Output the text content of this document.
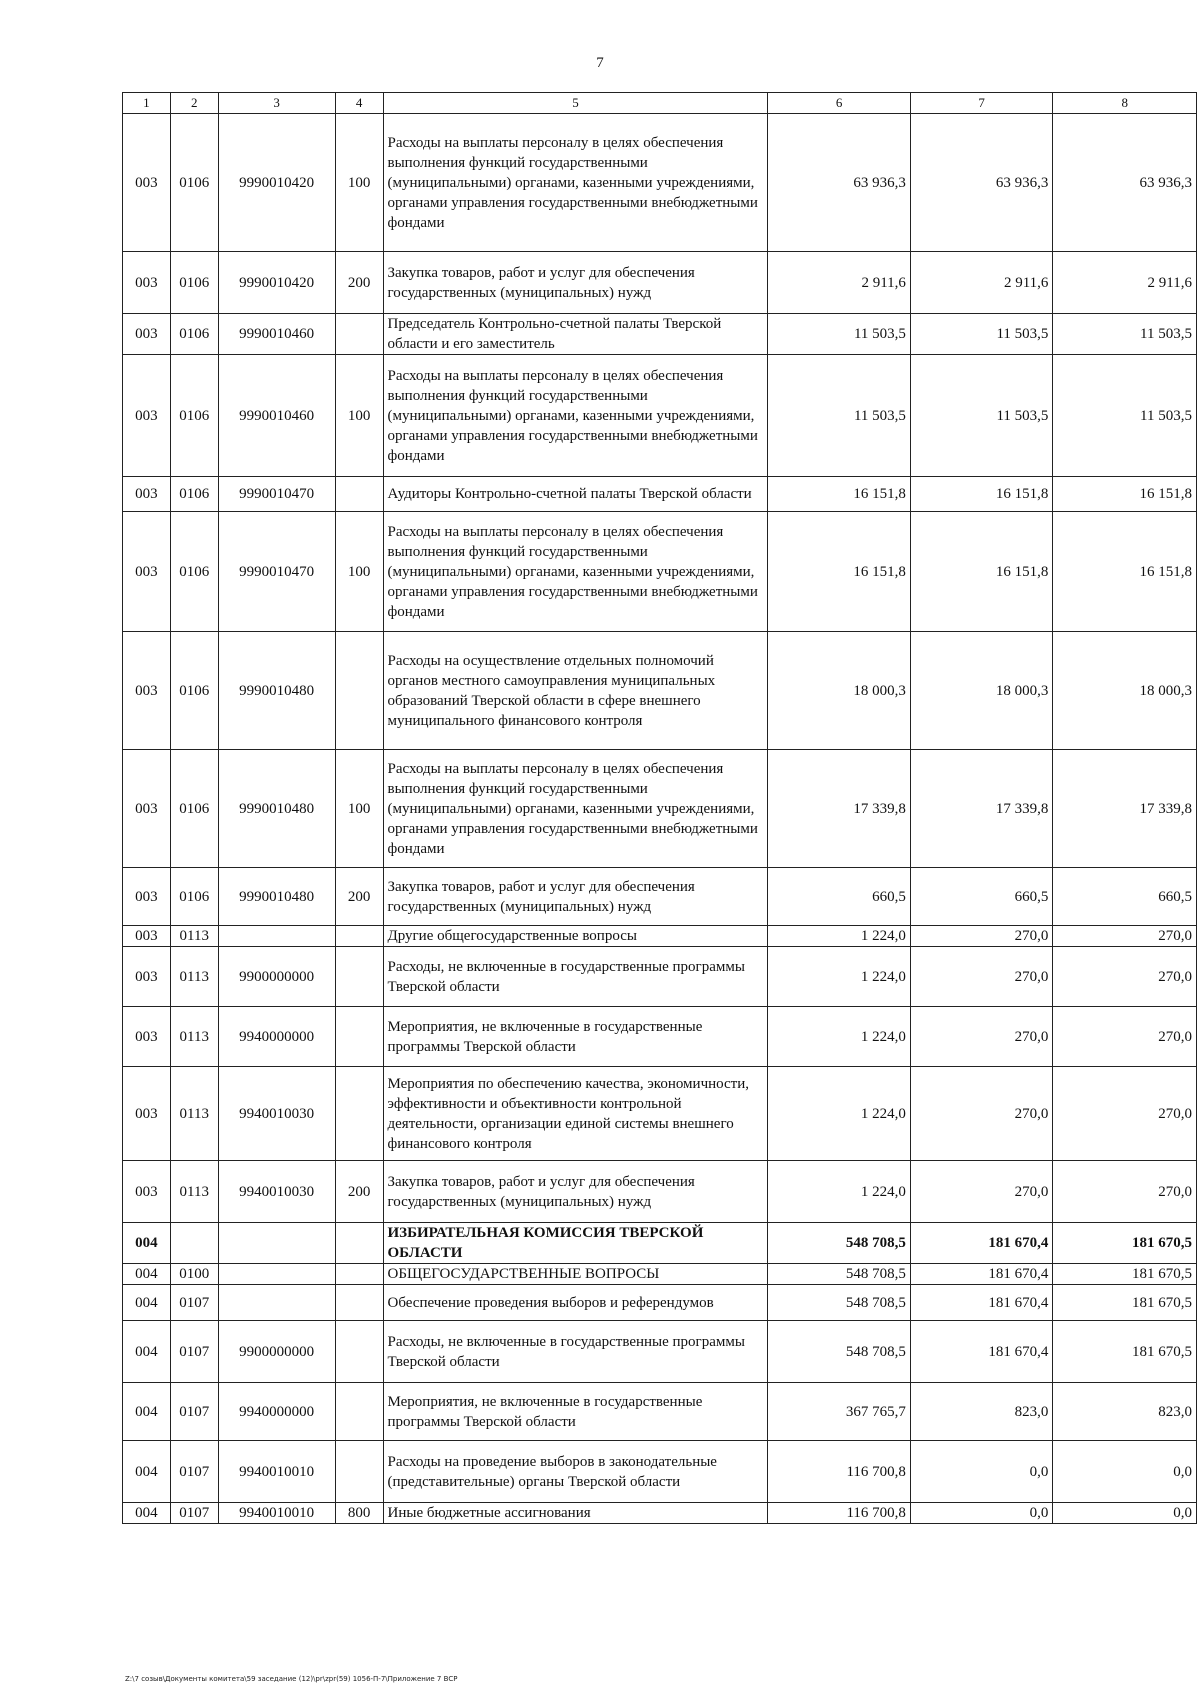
7
1	2	3	4	5	6	7	8
003	0106	9990010420	100	Расходы на выплаты персоналу в целях обеспечения выполнения функций государственными (муниципальными) органами, казенными учреждениями, органами управления государственными внебюджетными фондами	63 936,3	63 936,3	63 936,3
003	0106	9990010420	200	Закупка товаров, работ и услуг для обеспечения государственных (муниципальных) нужд	2 911,6	2 911,6	2 911,6
003	0106	9990010460		Председатель Контрольно-счетной палаты Тверской области и его заместитель	11 503,5	11 503,5	11 503,5
003	0106	9990010460	100	Расходы на выплаты персоналу в целях обеспечения выполнения функций государственными (муниципальными) органами, казенными учреждениями, органами управления государственными внебюджетными фондами	11 503,5	11 503,5	11 503,5
003	0106	9990010470		Аудиторы Контрольно-счетной палаты Тверской области	16 151,8	16 151,8	16 151,8
003	0106	9990010470	100	Расходы на выплаты персоналу в целях обеспечения выполнения функций государственными (муниципальными) органами, казенными учреждениями, органами управления государственными внебюджетными фондами	16 151,8	16 151,8	16 151,8
003	0106	9990010480		Расходы на осуществление отдельных полномочий органов местного самоуправления муниципальных образований Тверской области в сфере внешнего муниципального финансового контроля	18 000,3	18 000,3	18 000,3
003	0106	9990010480	100	Расходы на выплаты персоналу в целях обеспечения выполнения функций государственными (муниципальными) органами, казенными учреждениями, органами управления государственными внебюджетными фондами	17 339,8	17 339,8	17 339,8
003	0106	9990010480	200	Закупка товаров, работ и услуг для обеспечения государственных (муниципальных) нужд	660,5	660,5	660,5
003	0113			Другие общегосударственные вопросы	1 224,0	270,0	270,0
003	0113	9900000000		Расходы, не включенные в государственные программы Тверской области	1 224,0	270,0	270,0
003	0113	9940000000		Мероприятия, не включенные в государственные программы Тверской области	1 224,0	270,0	270,0
003	0113	9940010030		Мероприятия по обеспечению качества, экономичности, эффективности и объективности контрольной деятельности, организации единой системы внешнего финансового контроля	1 224,0	270,0	270,0
003	0113	9940010030	200	Закупка товаров, работ и услуг для обеспечения государственных (муниципальных) нужд	1 224,0	270,0	270,0
004				ИЗБИРАТЕЛЬНАЯ КОМИССИЯ ТВЕРСКОЙ ОБЛАСТИ	548 708,5	181 670,4	181 670,5
004	0100			ОБЩЕГОСУДАРСТВЕННЫЕ ВОПРОСЫ	548 708,5	181 670,4	181 670,5
004	0107			Обеспечение проведения выборов и референдумов	548 708,5	181 670,4	181 670,5
004	0107	9900000000		Расходы, не включенные в государственные программы Тверской области	548 708,5	181 670,4	181 670,5
004	0107	9940000000		Мероприятия, не включенные в государственные программы Тверской области	367 765,7	823,0	823,0
004	0107	9940010010		Расходы на проведение выборов в законодательные (представительные) органы Тверской области	116 700,8	0,0	0,0
004	0107	9940010010	800	Иные бюджетные ассигнования	116 700,8	0,0	0,0
Z:\7 созыв\Документы комитета\59 заседание (12)\pr\zpr(59) 1056-П-7\Приложение 7 ВСР
